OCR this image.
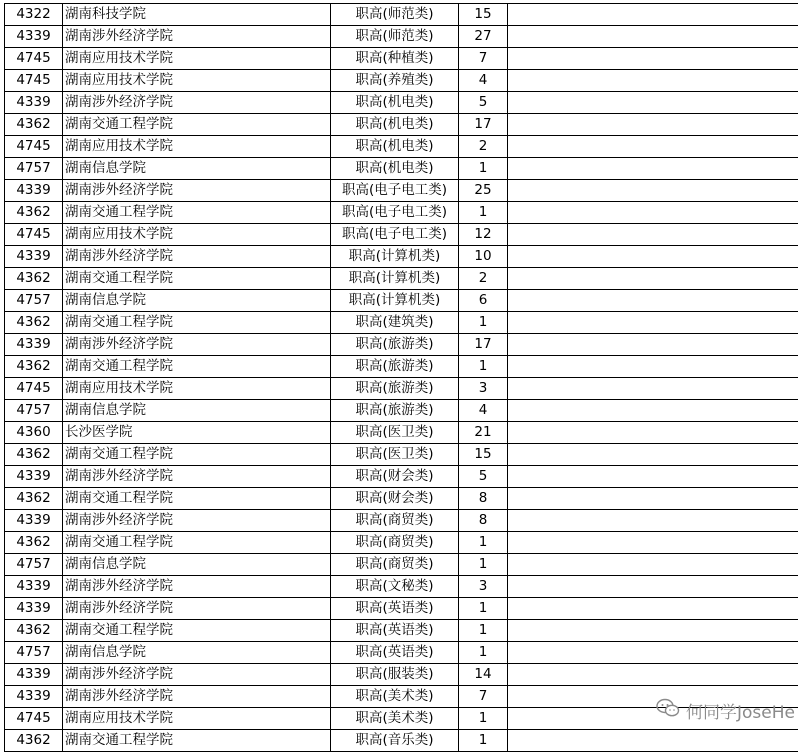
4322	湖南科技学院	职高(师范类)	15	
4339	湖南涉外经济学院	职高(师范类)	27	
4745	湖南应用技术学院	职高(种植类)	7	
4745	湖南应用技术学院	职高(养殖类)	4	
4339	湖南涉外经济学院	职高(机电类)	5	
4362	湖南交通工程学院	职高(机电类)	17	
4745	湖南应用技术学院	职高(机电类)	2	
4757	湖南信息学院	职高(机电类)	1	
4339	湖南涉外经济学院	职高(电子电工类)	25	
4362	湖南交通工程学院	职高(电子电工类)	1	
4745	湖南应用技术学院	职高(电子电工类)	12	
4339	湖南涉外经济学院	职高(计算机类)	10	
4362	湖南交通工程学院	职高(计算机类)	2	
4757	湖南信息学院	职高(计算机类)	6	
4362	湖南交通工程学院	职高(建筑类)	1	
4339	湖南涉外经济学院	职高(旅游类)	17	
4362	湖南交通工程学院	职高(旅游类)	1	
4745	湖南应用技术学院	职高(旅游类)	3	
4757	湖南信息学院	职高(旅游类)	4	
4360	长沙医学院	职高(医卫类)	21	
4362	湖南交通工程学院	职高(医卫类)	15	
4339	湖南涉外经济学院	职高(财会类)	5	
4362	湖南交通工程学院	职高(财会类)	8	
4339	湖南涉外经济学院	职高(商贸类)	8	
4362	湖南交通工程学院	职高(商贸类)	1	
4757	湖南信息学院	职高(商贸类)	1	
4339	湖南涉外经济学院	职高(文秘类)	3	
4339	湖南涉外经济学院	职高(英语类)	1	
4362	湖南交通工程学院	职高(英语类)	1	
4757	湖南信息学院	职高(英语类)	1	
4339	湖南涉外经济学院	职高(服装类)	14	
4339	湖南涉外经济学院	职高(美术类)	7	
4745	湖南应用技术学院	职高(美术类)	1	
4362	湖南交通工程学院	职高(音乐类)	1	
何同学JoseHe
